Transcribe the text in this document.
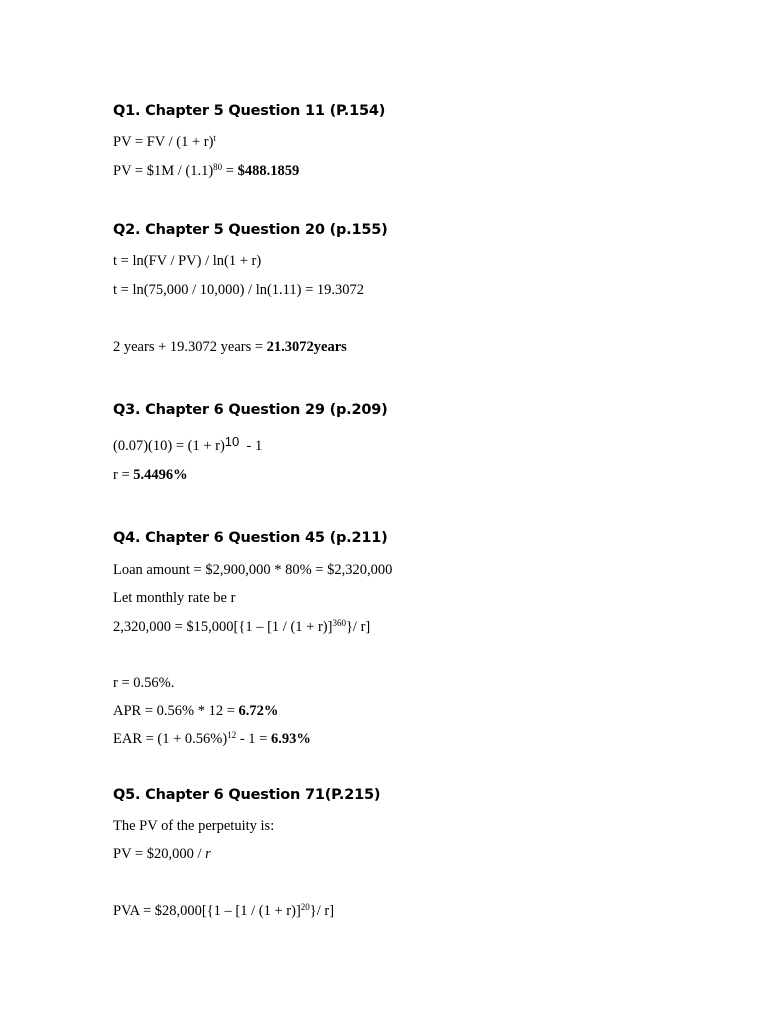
Q1. Chapter 5 Question 11 (P.154)
PV = FV / $(1 + r)^t$
PV = $1M / $(1.1)^{80}$ = $488.1859
Q2. Chapter 5 Question 20 (p.155)
t = ln(FV / PV) / ln(1 + r)
t = ln(75,000 / 10,000) / ln(1.11) = 19.3072
2 years + 19.3072 years = 21.3072years
Q3. Chapter 6 Question 29 (p.209)
$(0.07)(10) = (1 + r)^{10} - 1$
r = 5.4496%
Q4. Chapter 6 Question 45 (p.211)
Loan amount = $2,900,000 * 80% = $2,320,000
Let monthly rate be r
2,320,000 = $15,000[{1 – $[1 / (1 + r)]^{360}\}/$ r]
r = 0.56%.
APR = 0.56% * 12 = 6.72%
EAR = $(1 + 0.56\%)^{12} - 1 = 6.93\%$
Q5. Chapter 6 Question 71(P.215)
The PV of the perpetuity is:
PV = $20,000 / r
PVA = $28,000[{1 – $[1 / (1 + r)]^{20}\}/$ r]
